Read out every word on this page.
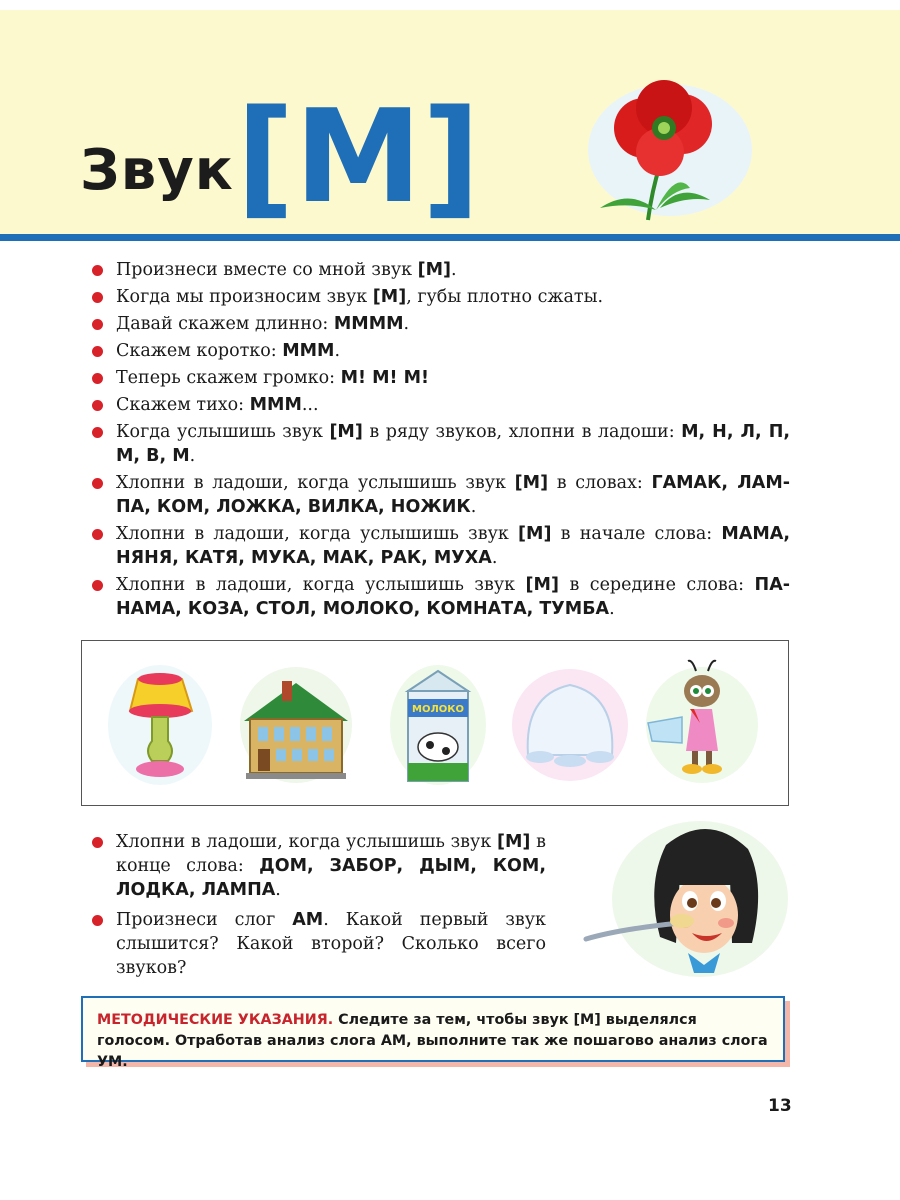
Звук [М]
Произнеси вместе со мной звук [М].
Когда мы произносим звук [М], губы плотно сжаты.
Давай скажем длинно: ММММ.
Скажем коротко: МММ.
Теперь скажем громко: М! М! М!
Скажем тихо: МММ...
Когда услышишь звук [М] в ряду звуков, хлопни в ладоши: М, Н, Л, П, М, В, М.
Хлопни в ладоши, когда услышишь звук [М] в словах: ГАМАК, ЛАМ-ПА, КОМ, ЛОЖКА, ВИЛКА, НОЖИК.
Хлопни в ладоши, когда услышишь звук [М] в начале слова: МАМА, НЯНЯ, КАТЯ, МУКА, МАК, РАК, МУХА.
Хлопни в ладоши, когда услышишь звук [М] в середине слова: ПА-НАМА, КОЗА, СТОЛ, МОЛОКО, КОМНАТА, ТУМБА.
МОЛОКО
Хлопни в ладоши, когда услышишь звук [М] в конце слова: ДОМ, ЗАБОР, ДЫМ, КОМ, ЛОДКА, ЛАМПА.
Произнеси слог АМ. Какой первый звук слышится? Какой второй? Сколько всего звуков?
МЕТОДИЧЕСКИЕ УКАЗАНИЯ. Следите за тем, чтобы звук [М] выделялся голосом. Отработав анализ слога АМ, выполните так же пошагово анализ слога УМ.
13
